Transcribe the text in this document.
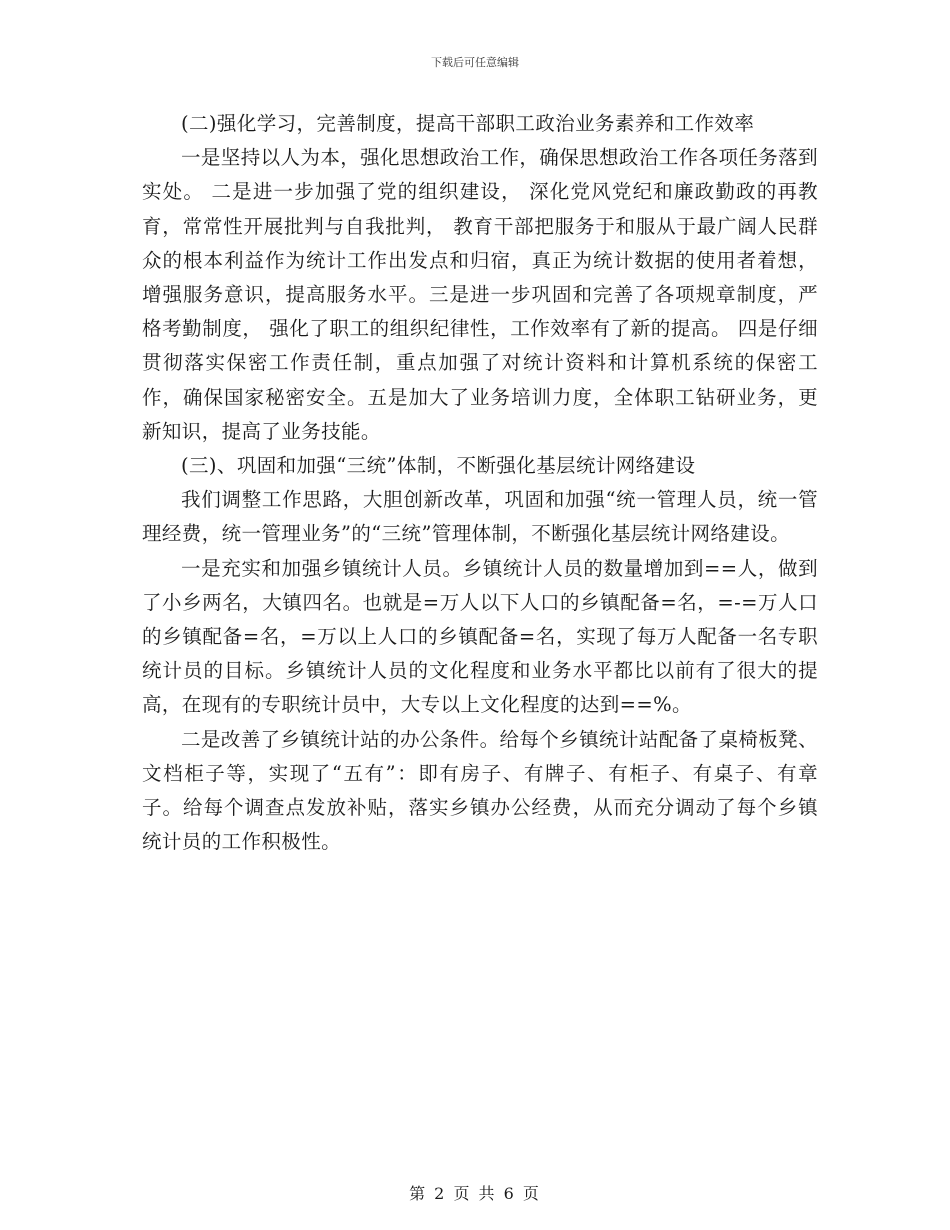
下载后可任意编辑

(二)强化学习，完善制度，提高干部职工政治业务素养和工作效率

一是坚持以人为本，强化思想政治工作，确保思想政治工作各项任务落到实处。 二是进一步加强了党的组织建设， 深化党风党纪和廉政勤政的再教育，常常性开展批判与自我批判， 教育干部把服务于和服从于最广阔人民群众的根本利益作为统计工作出发点和归宿，真正为统计数据的使用者着想，增强服务意识，提高服务水平。三是进一步巩固和完善了各项规章制度，严格考勤制度， 强化了职工的组织纪律性，工作效率有了新的提高。 四是仔细贯彻落实保密工作责任制，重点加强了对统计资料和计算机系统的保密工作，确保国家秘密安全。五是加大了业务培训力度，全体职工钻研业务，更新知识，提高了业务技能。

(三)、巩固和加强“三统”体制，不断强化基层统计网络建设

我们调整工作思路，大胆创新改革，巩固和加强“统一管理人员，统一管理经费，统一管理业务”的“三统”管理体制，不断强化基层统计网络建设。

一是充实和加强乡镇统计人员。乡镇统计人员的数量增加到==人，做到了小乡两名，大镇四名。也就是=万人以下人口的乡镇配备=名，=-=万人口的乡镇配备=名，=万以上人口的乡镇配备=名，实现了每万人配备一名专职统计员的目标。乡镇统计人员的文化程度和业务水平都比以前有了很大的提高，在现有的专职统计员中，大专以上文化程度的达到==%。

二是改善了乡镇统计站的办公条件。给每个乡镇统计站配备了桌椅板凳、文档柜子等，实现了“五有”：即有房子、有牌子、有柜子、有桌子、有章子。给每个调查点发放补贴，落实乡镇办公经费，从而充分调动了每个乡镇统计员的工作积极性。

第 2 页 共 6 页
